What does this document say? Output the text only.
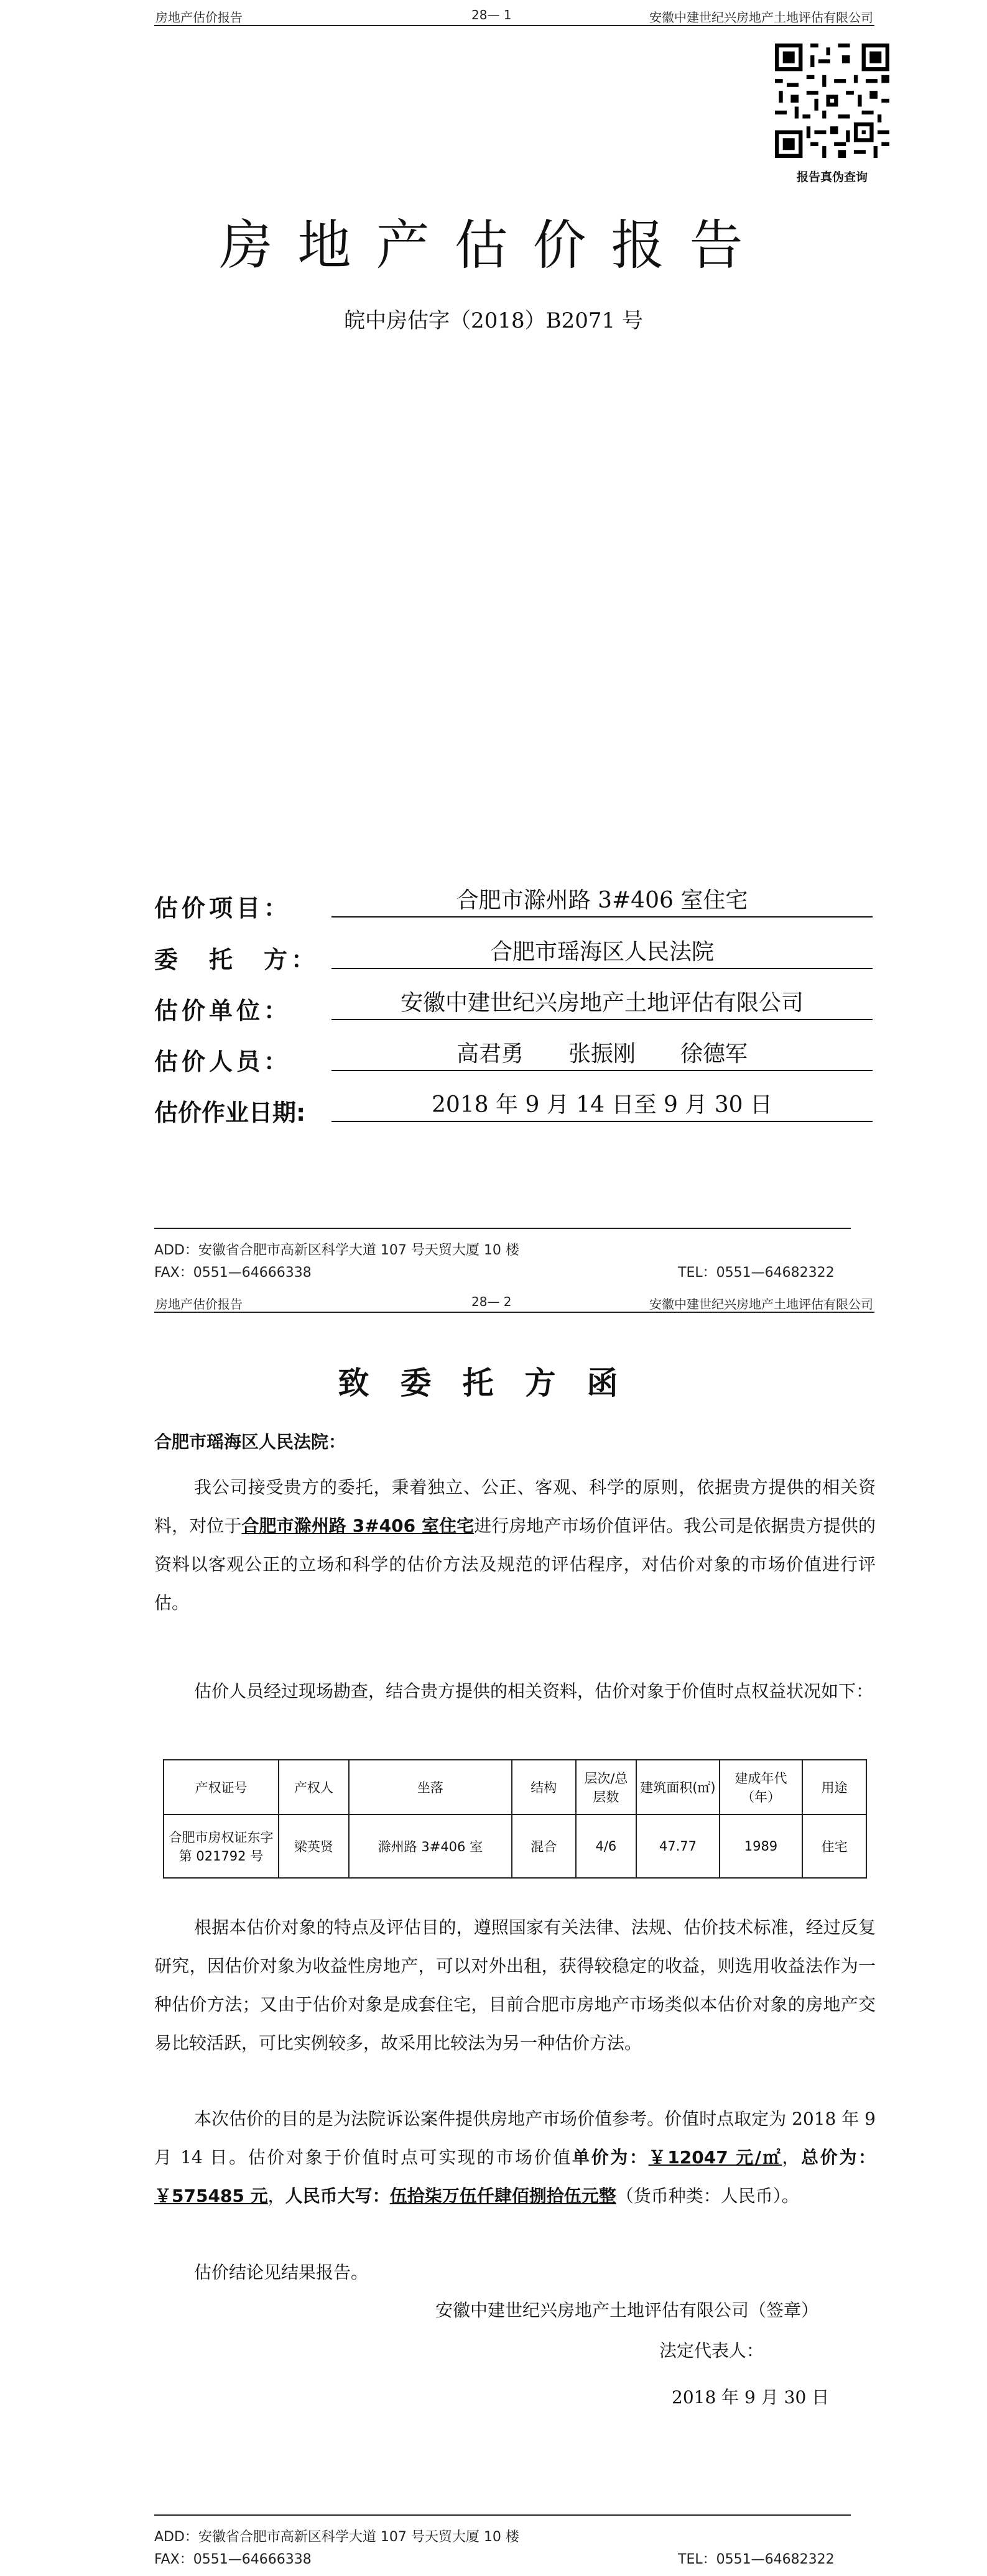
房地产估价报告	28— 1	安徽中建世纪兴房地产土地评估有限公司
报告真伪查询
房地产估价报告
皖中房估字（2018）B2071 号
估价项目：	合肥市滁州路 3#406 室住宅
委　托　方：	合肥市瑶海区人民法院
估价单位：	安徽中建世纪兴房地产土地评估有限公司
估价人员：	高君勇　　张振刚　　徐德军
估价作业日期:	2018 年 9 月 14 日至 9 月 30 日
ADD：安徽省合肥市高新区科学大道 107 号天贸大厦 10 楼
FAX：0551—64666338	TEL：0551—64682322
房地产估价报告	28— 2	安徽中建世纪兴房地产土地评估有限公司
致委托方函
合肥市瑶海区人民法院：
我公司接受贵方的委托，秉着独立、公正、客观、科学的原则，依据贵方提供的相关资料，对位于合肥市滁州路 3#406 室住宅进行房地产市场价值评估。我公司是依据贵方提供的资料以客观公正的立场和科学的估价方法及规范的评估程序，对估价对象的市场价值进行评估。
估价人员经过现场勘查，结合贵方提供的相关资料，估价对象于价值时点权益状况如下：
产权证号	产权人	坐落	结构	层次/总层数	建筑面积(㎡)	建成年代（年）	用途
合肥市房权证东字第 021792 号	梁英贤	滁州路 3#406 室	混合	4/6	47.77	1989	住宅
根据本估价对象的特点及评估目的，遵照国家有关法律、法规、估价技术标准，经过反复研究，因估价对象为收益性房地产，可以对外出租，获得较稳定的收益，则选用收益法作为一种估价方法；又由于估价对象是成套住宅，目前合肥市房地产市场类似本估价对象的房地产交易比较活跃，可比实例较多，故采用比较法为另一种估价方法。
本次估价的目的是为法院诉讼案件提供房地产市场价值参考。价值时点取定为 2018 年 9 月 14 日。估价对象于价值时点可实现的市场价值单价为：￥12047 元/㎡，总价为：￥575485 元，人民币大写：伍拾柒万伍仟肆佰捌拾伍元整（货币种类：人民币）。
估价结论见结果报告。
安徽中建世纪兴房地产土地评估有限公司（签章）
法定代表人：
2018 年 9 月 30 日
ADD：安徽省合肥市高新区科学大道 107 号天贸大厦 10 楼
FAX：0551—64666338	TEL：0551—64682322
